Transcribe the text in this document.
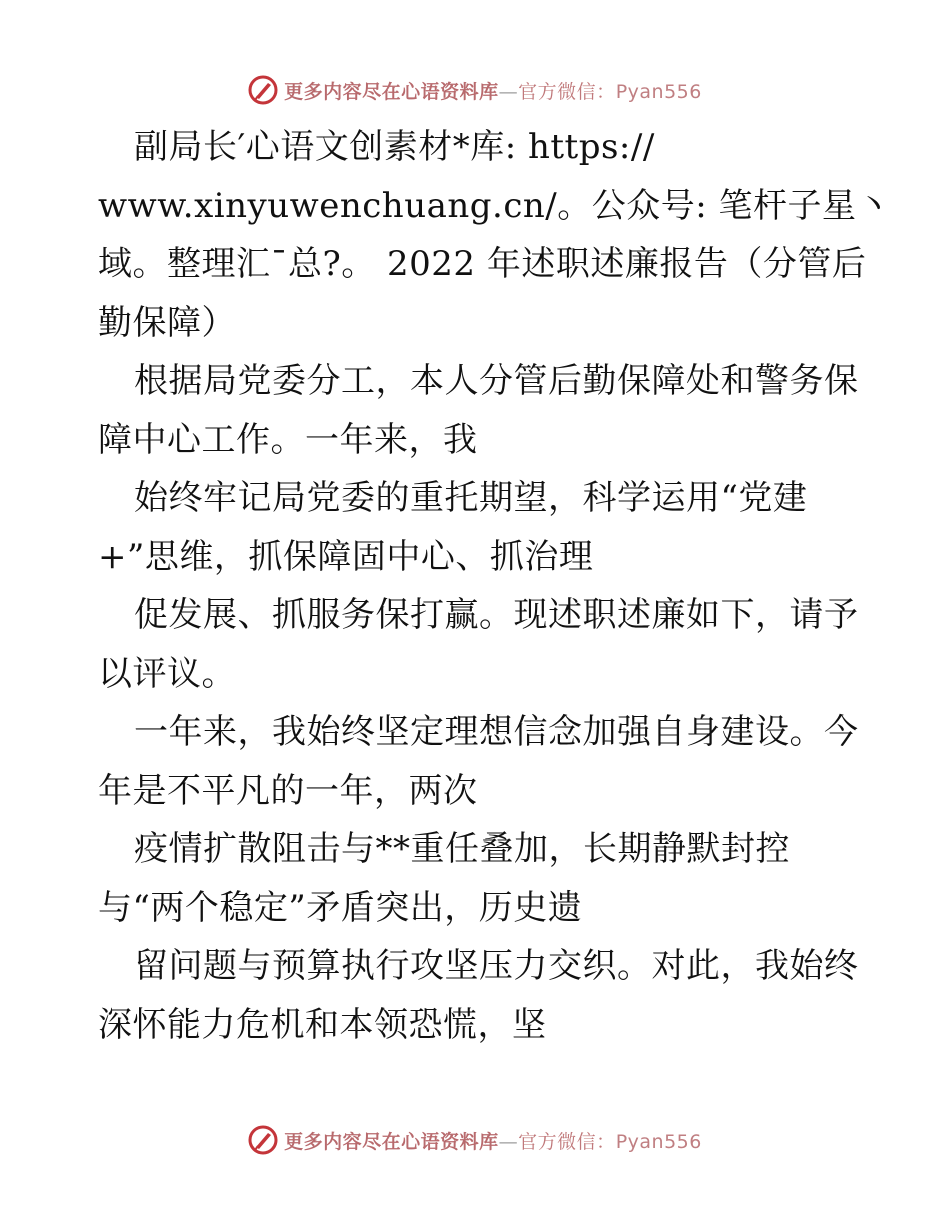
更多内容尽在心语资料库—官方微信：Pyan556
副局长′心语文创素材*库: https://
www.xinyuwenchuang.cn/。公众号: 笔杆子星丶
域。整理汇¯总?。 2022 年述职述廉报告（分管后
勤保障）
根据局党委分工，本人分管后勤保障处和警务保
障中心工作。一年来，我
始终牢记局党委的重托期望，科学运用“党建
+”思维，抓保障固中心、抓治理
促发展、抓服务保打赢。现述职述廉如下，请予
以评议。
一年来，我始终坚定理想信念加强自身建设。今
年是不平凡的一年，两次
疫情扩散阻击与**重任叠加，长期静默封控
与“两个稳定”矛盾突出，历史遗
留问题与预算执行攻坚压力交织。对此，我始终
深怀能力危机和本领恐慌，坚
更多内容尽在心语资料库—官方微信：Pyan556
